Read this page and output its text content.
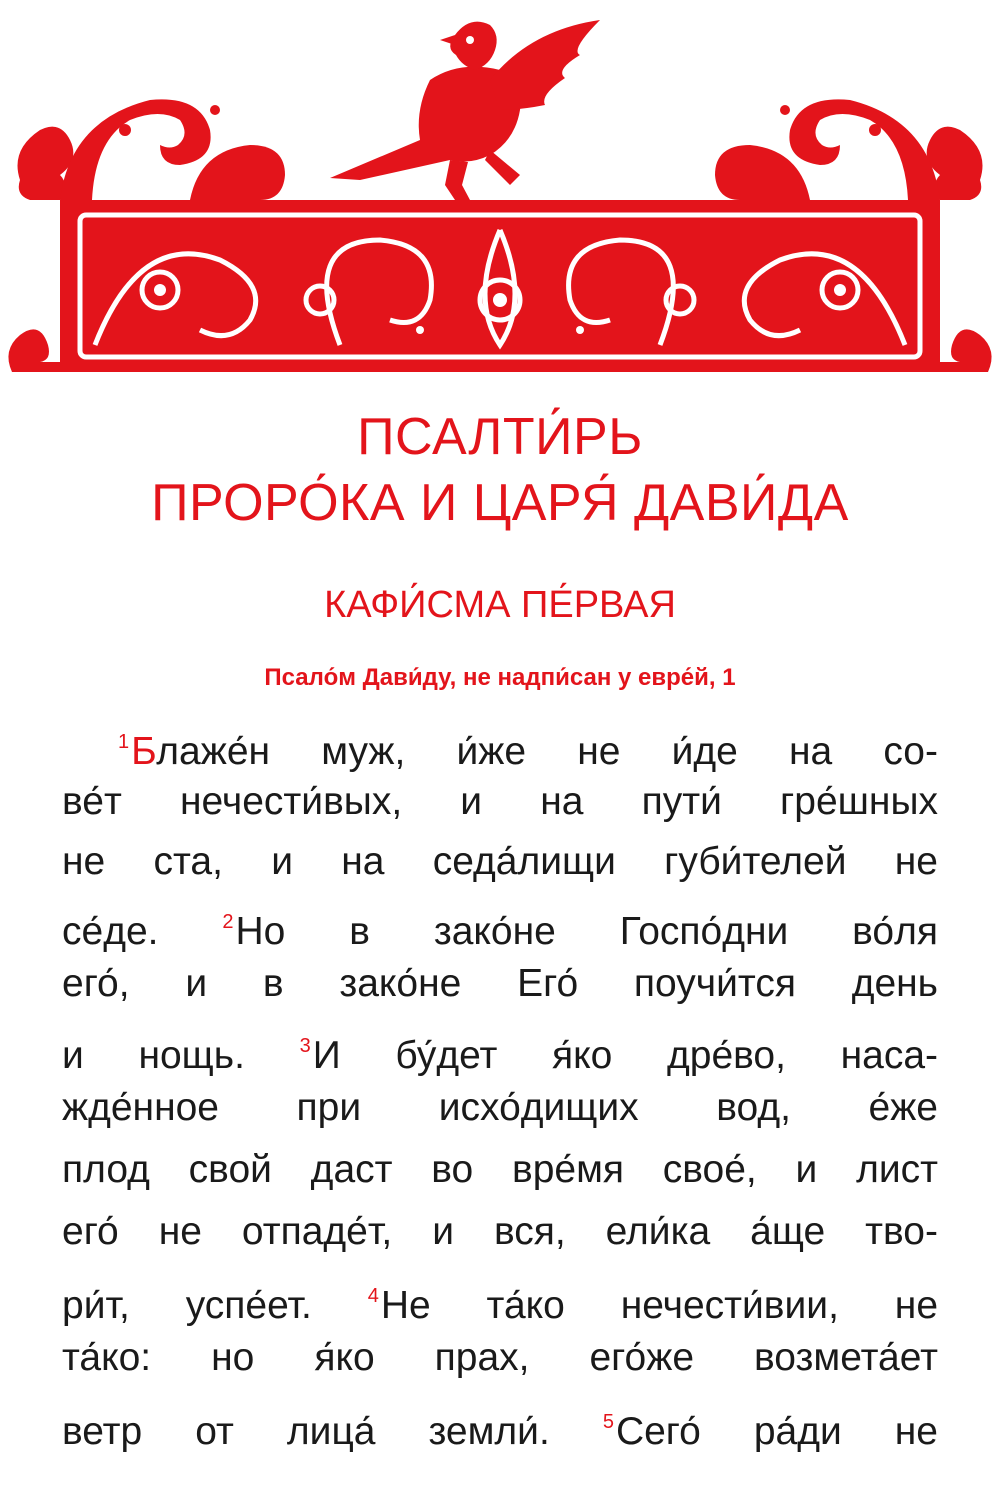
ПСАЛТИ́РЬ
ПРОРО́КА И ЦАРЯ́ ДАВИ́ДА
КАФИ́СМА ПЕ́РВАЯ
Псало́м Дави́ду, не надпи́сан у евре́й, 1
$^1$Блаже́н муж, и́же не и́де на со-
ве́т нечести́вых, и на пути́ гре́шных
не ста, и на седа́лищи губи́телей не
се́де.	$^2$Но в зако́не Госпо́дни во́ля
его́, и в зако́не Его́ поучи́тся день
и нощь.	$^3$И бу́дет я́ко дре́во, наса-
жде́нное при исхо́дищих вод, е́же
плод свой даст во вре́мя свое́, и лист
его́ не отпаде́т, и вся, ели́ка а́ще тво-
ри́т, успе́ет.	$^4$Не та́ко нечести́вии, не
та́ко: но я́ко прах, его́же возмета́ет
ветр от лица́ земли́.	$^5$Сего́ ра́ди не
